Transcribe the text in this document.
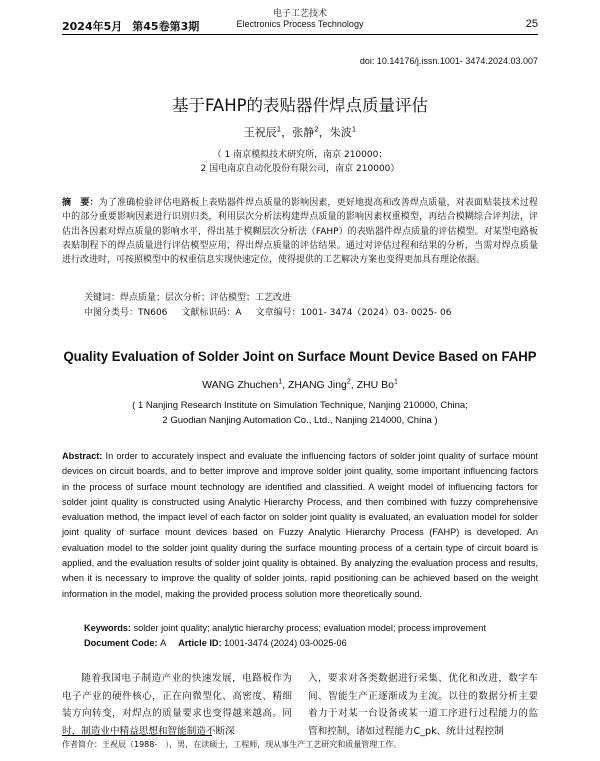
2024年5月 第45卷第3期
电子工艺技术
Electronics Process Technology	25
doi: 10.14176/j.issn.1001- 3474.2024.03.007
基于FAHP的表贴器件焊点质量评估
王祝辰$^1$，张静$^2$，朱波$^1$
（ 1 南京模拟技术研究所，南京 210000；
2 国电南京自动化股份有限公司，南京 210000）
摘　要：为了准确检验评估电路板上表贴器件焊点质量的影响因素，更好地提高和改善焊点质量，对表面贴装技术过程中的部分重要影响因素进行识别归类，利用层次分析法构建焊点质量的影响因素权重模型，再结合模糊综合评判法，评估出各因素对焊点质量的影响水平，得出基于模糊层次分析法（FAHP）的表贴器件焊点质量的评估模型。对某型电路板表贴制程下的焊点质量进行评估模型应用，得出焊点质量的评估结果。通过对评估过程和结果的分析，当需对焊点质量进行改进时，可按照模型中的权重信息实现快速定位，使得提供的工艺解决方案也变得更加具有理论依据。
关键词：焊点质量；层次分析；评估模型；工艺改进
中图分类号：TN606 文献标识码：A 文章编号：1001- 3474（2024）03- 0025- 06
Quality Evaluation of Solder Joint on Surface Mount Device Based on FAHP
WANG Zhuchen$^1$, ZHANG Jing$^2$, ZHU Bo$^1$
( 1 Nanjing Research Institute on Simulation Technique, Nanjing 210000, China;
2 Guodian Nanjing Automation Co., Ltd., Nanjing 214000, China )
Abstract: In order to accurately inspect and evaluate the influencing factors of solder joint quality of surface mount devices on circuit boards, and to better improve and improve solder joint quality, some important influencing factors in the process of surface mount technology are identified and classified. A weight model of influencing factors for solder joint quality is constructed using Analytic Hierarchy Process, and then combined with fuzzy comprehensive evaluation method, the impact level of each factor on solder joint quality is evaluated, an evaluation model for solder joint quality of surface mount devices based on Fuzzy Analytic Hierarchy Process (FAHP) is developed. An evaluation model to the solder joint quality during the surface mounting process of a certain type of circuit board is applied, and the evaluation results of solder joint quality is obtained. By analyzing the evaluation process and results, when it is necessary to improve the quality of solder joints, rapid positioning can be achieved based on the weight information in the model, making the provided process solution more theoretically sound.
Keywords: solder joint quality; analytic hierarchy process; evaluation model; process improvement
Document Code: A Article ID: 1001-3474 (2024) 03-0025-06

随着我国电子制造产业的快速发展，电路板作为电子产业的硬件核心，正在向微型化、高密度、精细装方向转变，对焊点的质量要求也变得越来越高。同时，制造业中精益思想和智能制造不断深

入，要求对各类数据进行采集、优化和改进，数字车间、智能生产正逐渐成为主流。以往的数据分析主要着力于对某一台设备或某一道工序进行过程能力的监管和控制，诸如过程能力C_pk、统计过程控制

作者简介：王祝辰（1988-　），男，在读硕士，工程师，现从事生产工艺研究和质量管理工作。
